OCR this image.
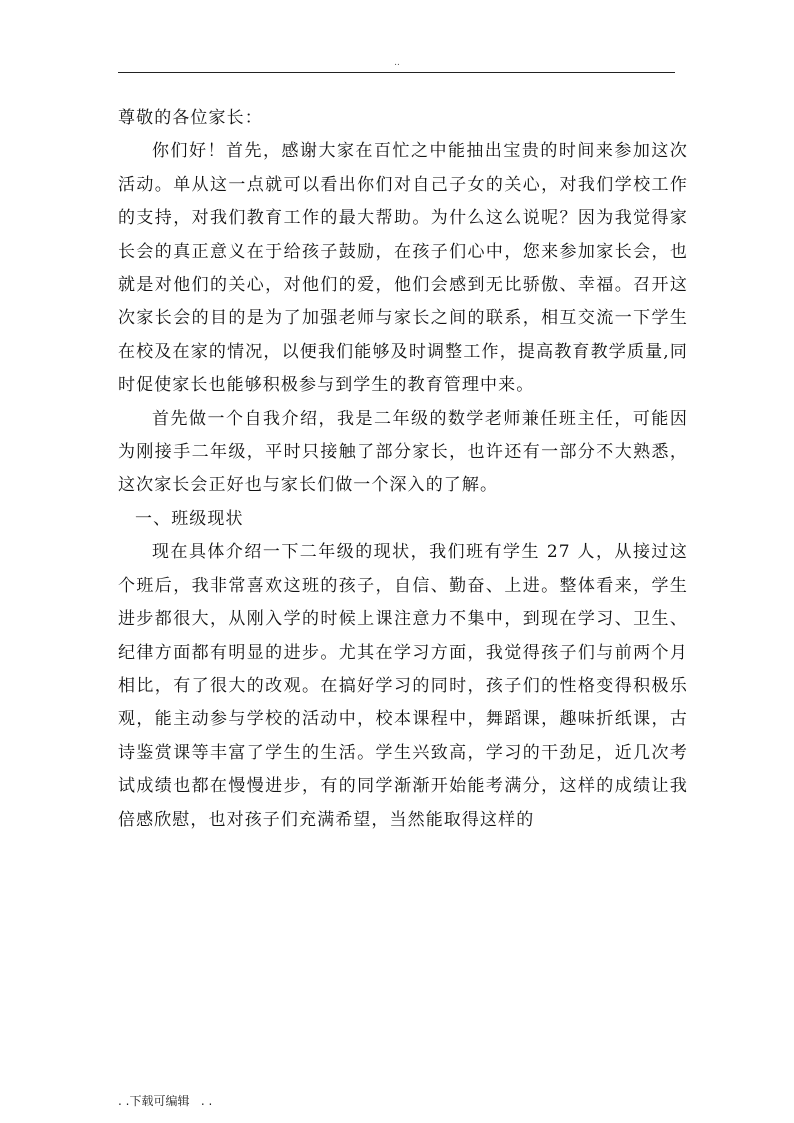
..

尊敬的各位家长：

你们好！首先，感谢大家在百忙之中能抽出宝贵的时间来参加这次活动。单从这一点就可以看出你们对自己子女的关心，对我们学校工作的支持，对我们教育工作的最大帮助。为什么这么说呢？因为我觉得家长会的真正意义在于给孩子鼓励，在孩子们心中，您来参加家长会，也就是对他们的关心，对他们的爱，他们会感到无比骄傲、幸福。召开这次家长会的目的是为了加强老师与家长之间的联系，相互交流一下学生在校及在家的情况，以便我们能够及时调整工作，提高教育教学质量,同时促使家长也能够积极参与到学生的教育管理中来。

首先做一个自我介绍，我是二年级的数学老师兼任班主任，可能因为刚接手二年级，平时只接触了部分家长，也许还有一部分不大熟悉，这次家长会正好也与家长们做一个深入的了解。

一、班级现状

现在具体介绍一下二年级的现状，我们班有学生 27 人，从接过这个班后，我非常喜欢这班的孩子，自信、勤奋、上进。整体看来，学生进步都很大，从刚入学的时候上课注意力不集中，到现在学习、卫生、纪律方面都有明显的进步。尤其在学习方面，我觉得孩子们与前两个月相比，有了很大的改观。在搞好学习的同时，孩子们的性格变得积极乐观，能主动参与学校的活动中，校本课程中，舞蹈课，趣味折纸课，古诗鉴赏课等丰富了学生的生活。学生兴致高，学习的干劲足，近几次考试成绩也都在慢慢进步，有的同学渐渐开始能考满分，这样的成绩让我倍感欣慰，也对孩子们充满希望，当然能取得这样的

. .下载可编辑   . .
